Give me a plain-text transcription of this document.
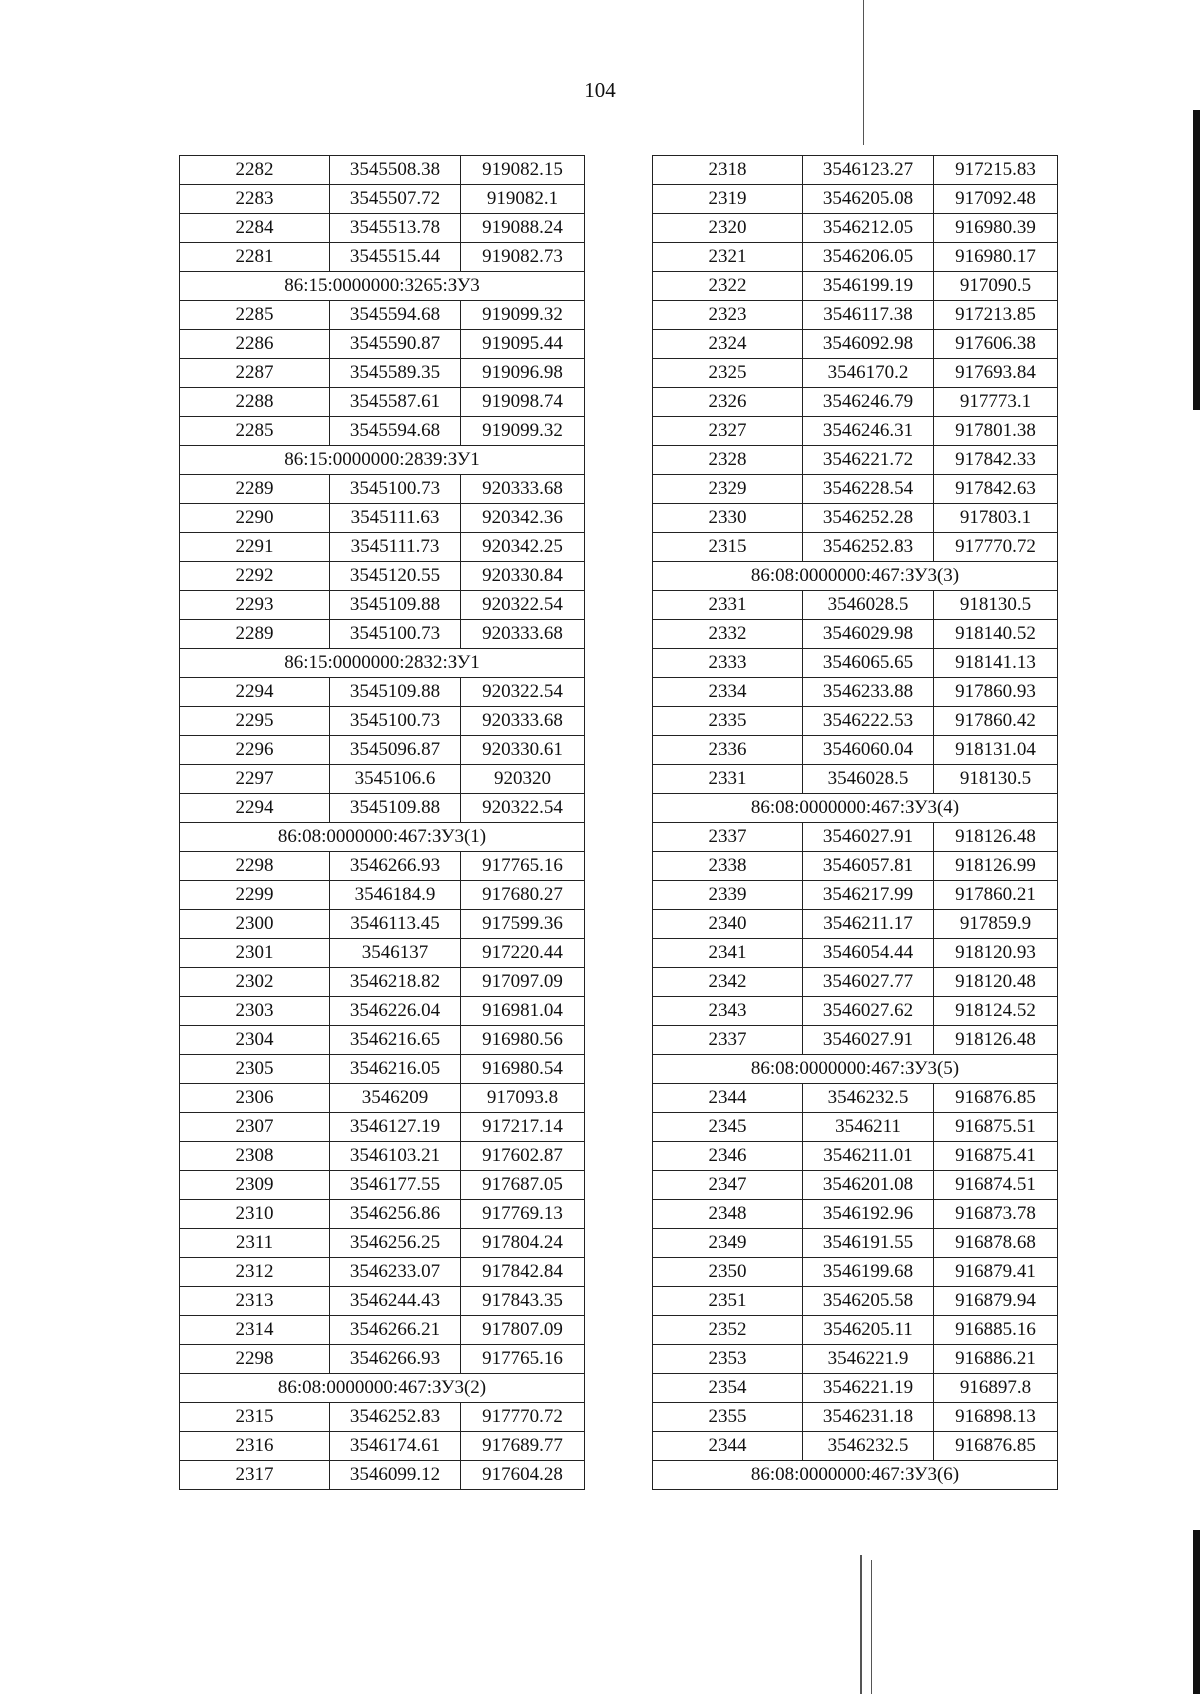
104
2282	3545508.38	919082.15
2283	3545507.72	919082.1
2284	3545513.78	919088.24
2281	3545515.44	919082.73
86:15:0000000:3265:ЗУ3		
2285	3545594.68	919099.32
2286	3545590.87	919095.44
2287	3545589.35	919096.98
2288	3545587.61	919098.74
2285	3545594.68	919099.32
86:15:0000000:2839:ЗУ1		
2289	3545100.73	920333.68
2290	3545111.63	920342.36
2291	3545111.73	920342.25
2292	3545120.55	920330.84
2293	3545109.88	920322.54
2289	3545100.73	920333.68
86:15:0000000:2832:ЗУ1		
2294	3545109.88	920322.54
2295	3545100.73	920333.68
2296	3545096.87	920330.61
2297	3545106.6	920320
2294	3545109.88	920322.54
86:08:0000000:467:ЗУ3(1)		
2298	3546266.93	917765.16
2299	3546184.9	917680.27
2300	3546113.45	917599.36
2301	3546137	917220.44
2302	3546218.82	917097.09
2303	3546226.04	916981.04
2304	3546216.65	916980.56
2305	3546216.05	916980.54
2306	3546209	917093.8
2307	3546127.19	917217.14
2308	3546103.21	917602.87
2309	3546177.55	917687.05
2310	3546256.86	917769.13
2311	3546256.25	917804.24
2312	3546233.07	917842.84
2313	3546244.43	917843.35
2314	3546266.21	917807.09
2298	3546266.93	917765.16
86:08:0000000:467:ЗУ3(2)		
2315	3546252.83	917770.72
2316	3546174.61	917689.77
2317	3546099.12	917604.28
2318	3546123.27	917215.83
2319	3546205.08	917092.48
2320	3546212.05	916980.39
2321	3546206.05	916980.17
2322	3546199.19	917090.5
2323	3546117.38	917213.85
2324	3546092.98	917606.38
2325	3546170.2	917693.84
2326	3546246.79	917773.1
2327	3546246.31	917801.38
2328	3546221.72	917842.33
2329	3546228.54	917842.63
2330	3546252.28	917803.1
2315	3546252.83	917770.72
86:08:0000000:467:ЗУ3(3)		
2331	3546028.5	918130.5
2332	3546029.98	918140.52
2333	3546065.65	918141.13
2334	3546233.88	917860.93
2335	3546222.53	917860.42
2336	3546060.04	918131.04
2331	3546028.5	918130.5
86:08:0000000:467:ЗУ3(4)		
2337	3546027.91	918126.48
2338	3546057.81	918126.99
2339	3546217.99	917860.21
2340	3546211.17	917859.9
2341	3546054.44	918120.93
2342	3546027.77	918120.48
2343	3546027.62	918124.52
2337	3546027.91	918126.48
86:08:0000000:467:ЗУ3(5)		
2344	3546232.5	916876.85
2345	3546211	916875.51
2346	3546211.01	916875.41
2347	3546201.08	916874.51
2348	3546192.96	916873.78
2349	3546191.55	916878.68
2350	3546199.68	916879.41
2351	3546205.58	916879.94
2352	3546205.11	916885.16
2353	3546221.9	916886.21
2354	3546221.19	916897.8
2355	3546231.18	916898.13
2344	3546232.5	916876.85
86:08:0000000:467:ЗУ3(6)		
